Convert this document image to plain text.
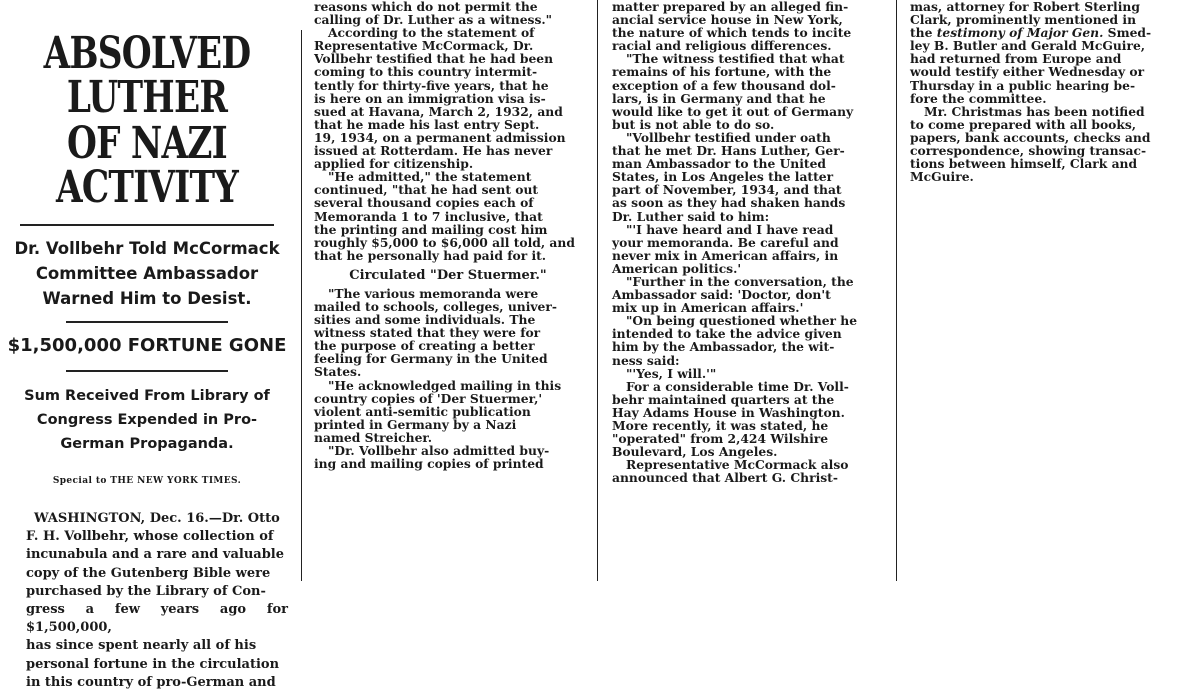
ABSOLVED LUTHER
OF NAZI ACTIVITY
Dr. Vollbehr Told McCormack
Committee Ambassador
Warned Him to Desist.
$1,500,000 FORTUNE GONE
Sum Received From Library of
Congress Expended in Pro-
German Propaganda.
Special to THE NEW YORK TIMES.
WASHINGTON, Dec. 16.—Dr. Otto
F. H. Vollbehr, whose collection of
incunabula and a rare and valuable
copy of the Gutenberg Bible were
purchased by the Library of Con-
gress a few years ago for $1,500,000,
has since spent nearly all of his
personal fortune in the circulation
in this country of pro-German and
reasons which do not permit the
calling of Dr. Luther as a witness."
According to the statement of
Representative McCormack, Dr.
Vollbehr testified that he had been
coming to this country intermit-
tently for thirty-five years, that he
is here on an immigration visa is-
sued at Havana, March 2, 1932, and
that he made his last entry Sept.
19, 1934, on a permanent admission
issued at Rotterdam. He has never
applied for citizenship.
"He admitted," the statement
continued, "that he had sent out
several thousand copies each of
Memoranda 1 to 7 inclusive, that
the printing and mailing cost him
roughly $5,000 to $6,000 all told, and
that he personally had paid for it.
Circulated "Der Stuermer."
"The various memoranda were
mailed to schools, colleges, univer-
sities and some individuals. The
witness stated that they were for
the purpose of creating a better
feeling for Germany in the United
States.
"He acknowledged mailing in this
country copies of 'Der Stuermer,'
violent anti-semitic publication
printed in Germany by a Nazi
named Streicher.
"Dr. Vollbehr also admitted buy-
ing and mailing copies of printed
matter prepared by an alleged fin-
ancial service house in New York,
the nature of which tends to incite
racial and religious differences.
"The witness testified that what
remains of his fortune, with the
exception of a few thousand dol-
lars, is in Germany and that he
would like to get it out of Germany
but is not able to do so.
"Vollbehr testified under oath
that he met Dr. Hans Luther, Ger-
man Ambassador to the United
States, in Los Angeles the latter
part of November, 1934, and that
as soon as they had shaken hands
Dr. Luther said to him:
"'I have heard and I have read
your memoranda. Be careful and
never mix in American affairs, in
American politics.'
"Further in the conversation, the
Ambassador said: 'Doctor, don't
mix up in American affairs.'
"On being questioned whether he
intended to take the advice given
him by the Ambassador, the wit-
ness said:
"'Yes, I will.'"
For a considerable time Dr. Voll-
behr maintained quarters at the
Hay Adams House in Washington.
More recently, it was stated, he
"operated" from 2,424 Wilshire
Boulevard, Los Angeles.
Representative McCormack also
announced that Albert G. Christ-
mas, attorney for Robert Sterling
Clark, prominently mentioned in
the testimony of Major Gen. Smed-
ley B. Butler and Gerald McGuire,
had returned from Europe and
would testify either Wednesday or
Thursday in a public hearing be-
fore the committee.
Mr. Christmas has been notified
to come prepared with all books,
papers, bank accounts, checks and
correspondence, showing transac-
tions between himself, Clark and
McGuire.
